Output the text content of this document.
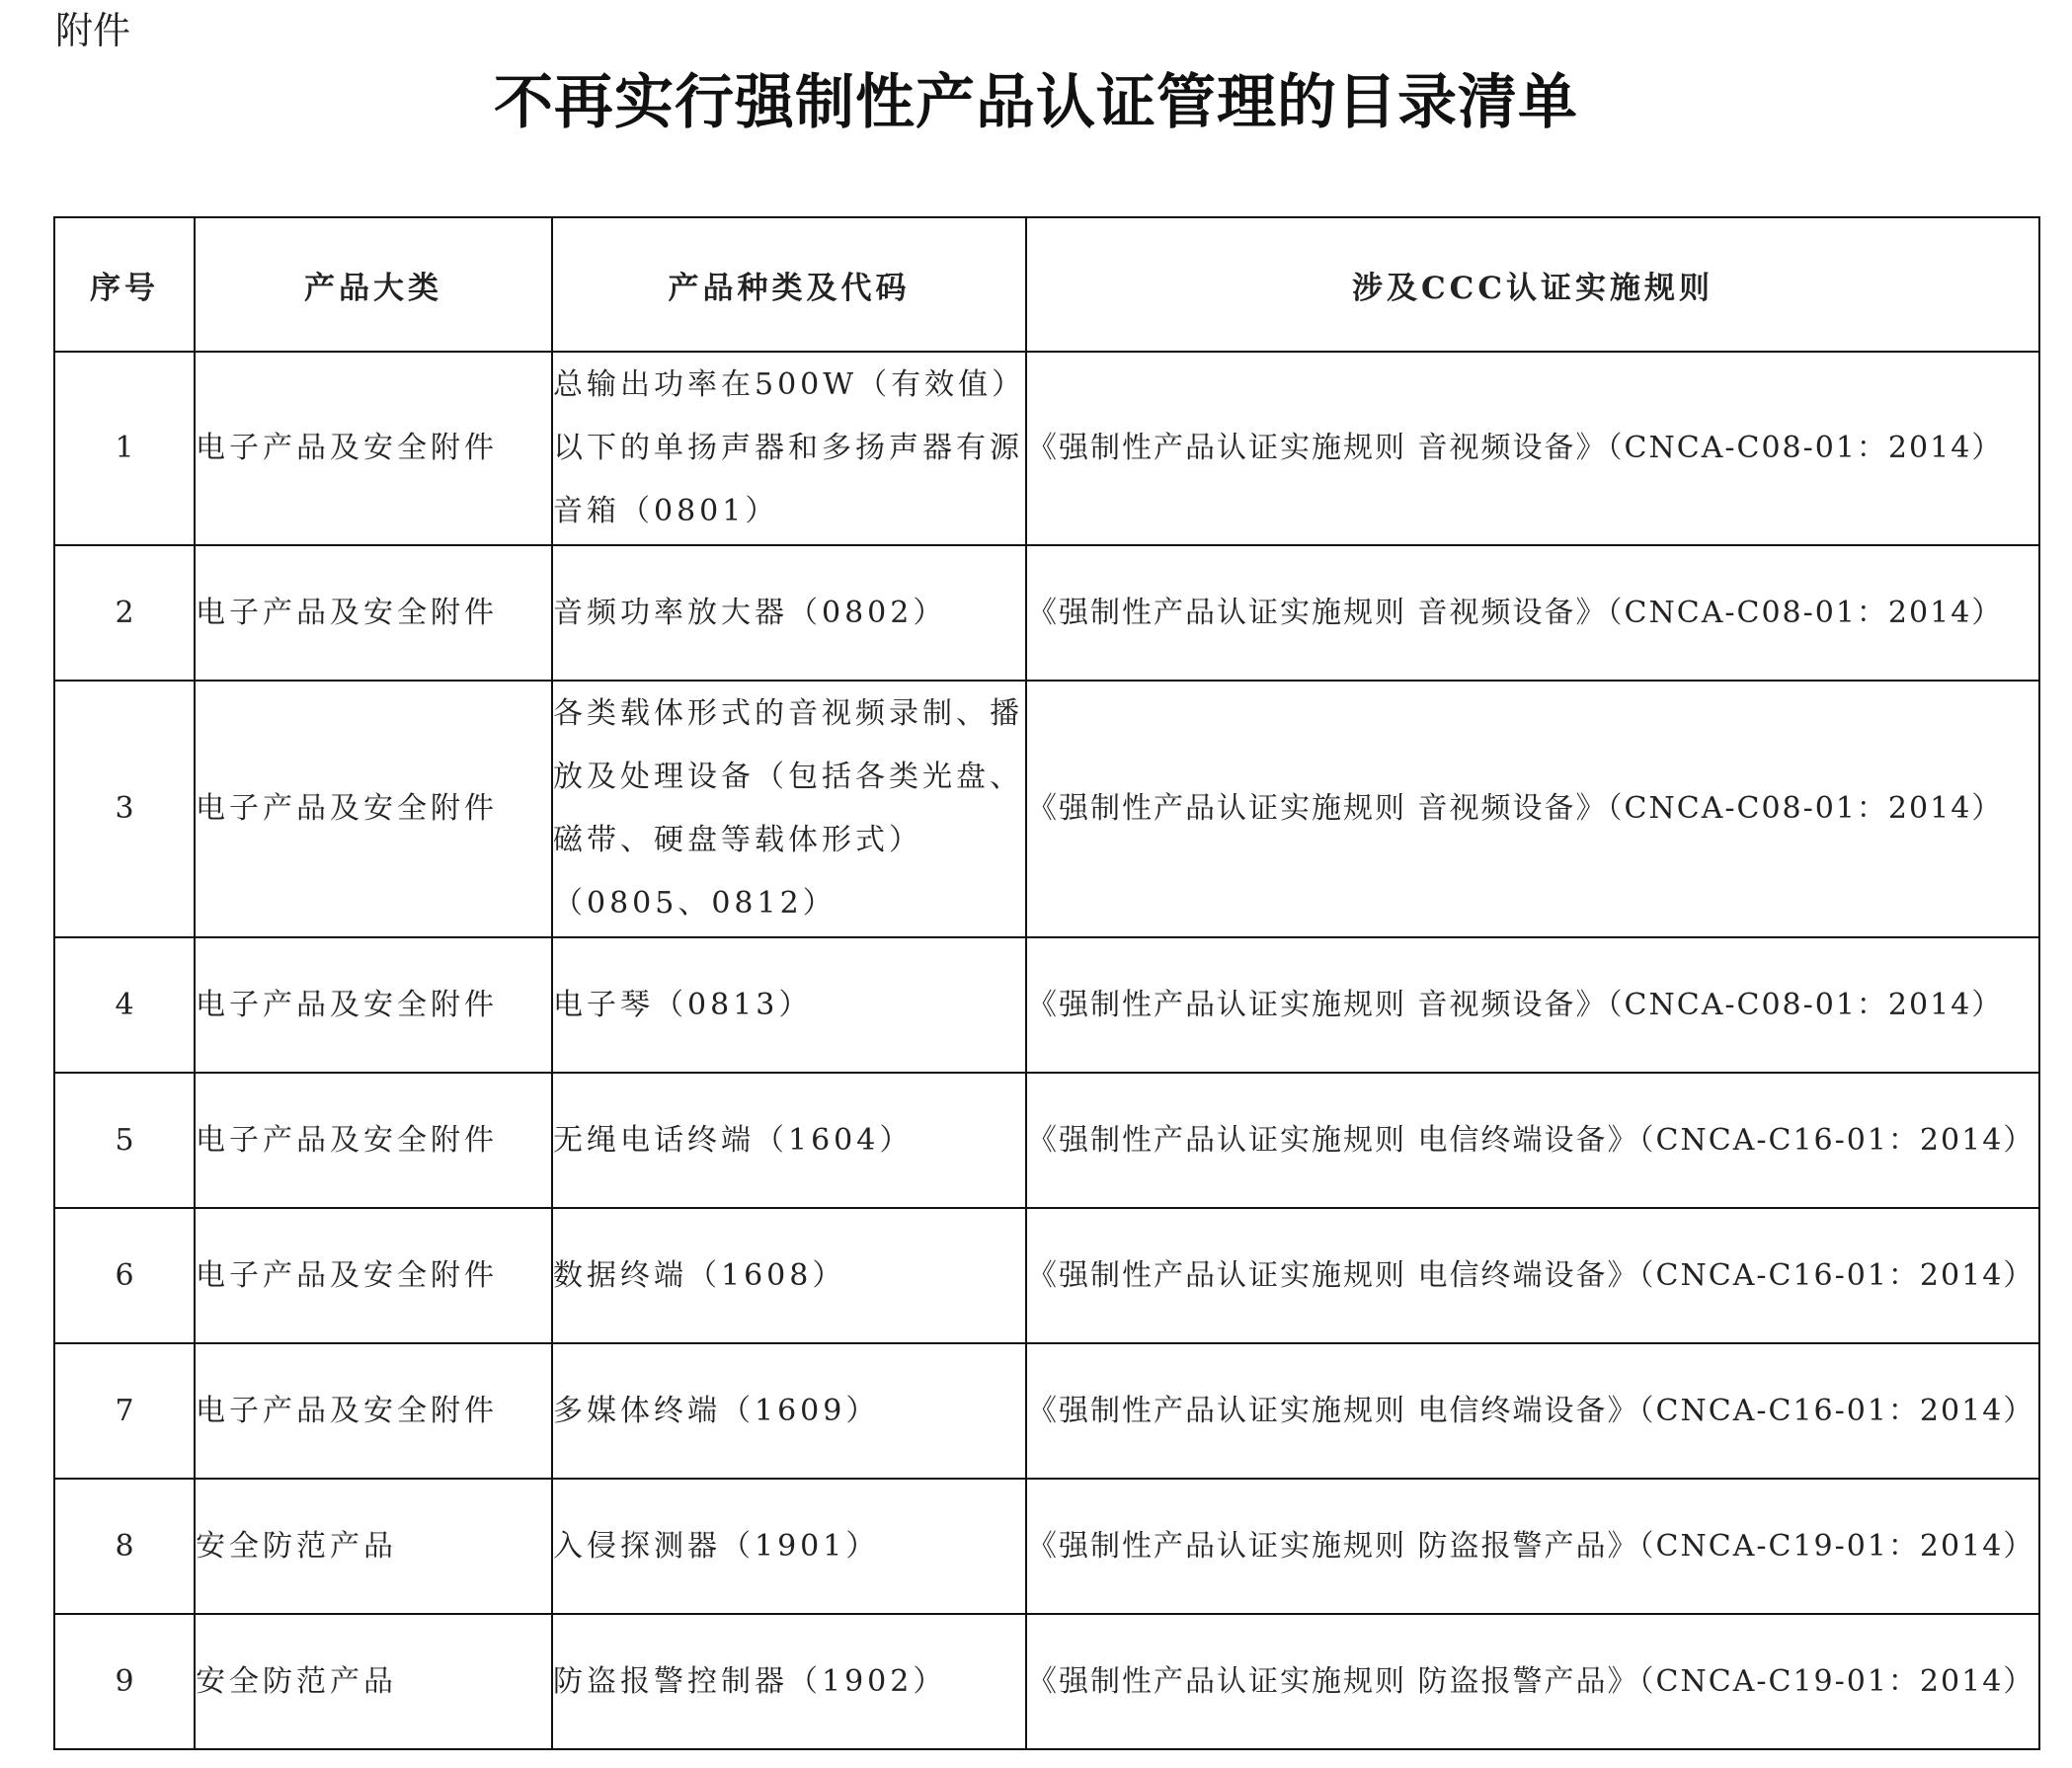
附件
不再实行强制性产品认证管理的目录清单
序号	产品大类	产品种类及代码	涉及CCC认证实施规则
1	电子产品及安全附件	总输出功率在500W（有效值）以下的单扬声器和多扬声器有源音箱（0801）	《强制性产品认证实施规则 音视频设备》（CNCA-C08-01：2014）
2	电子产品及安全附件	音频功率放大器（0802）	《强制性产品认证实施规则 音视频设备》（CNCA-C08-01：2014）
3	电子产品及安全附件	各类载体形式的音视频录制、播放及处理设备（包括各类光盘、磁带、硬盘等载体形式）（0805、0812）	《强制性产品认证实施规则 音视频设备》（CNCA-C08-01：2014）
4	电子产品及安全附件	电子琴（0813）	《强制性产品认证实施规则 音视频设备》（CNCA-C08-01：2014）
5	电子产品及安全附件	无绳电话终端（1604）	《强制性产品认证实施规则 电信终端设备》（CNCA-C16-01：2014）
6	电子产品及安全附件	数据终端（1608）	《强制性产品认证实施规则 电信终端设备》（CNCA-C16-01：2014）
7	电子产品及安全附件	多媒体终端（1609）	《强制性产品认证实施规则 电信终端设备》（CNCA-C16-01：2014）
8	安全防范产品	入侵探测器（1901）	《强制性产品认证实施规则 防盗报警产品》（CNCA-C19-01：2014）
9	安全防范产品	防盗报警控制器（1902）	《强制性产品认证实施规则 防盗报警产品》（CNCA-C19-01：2014）
